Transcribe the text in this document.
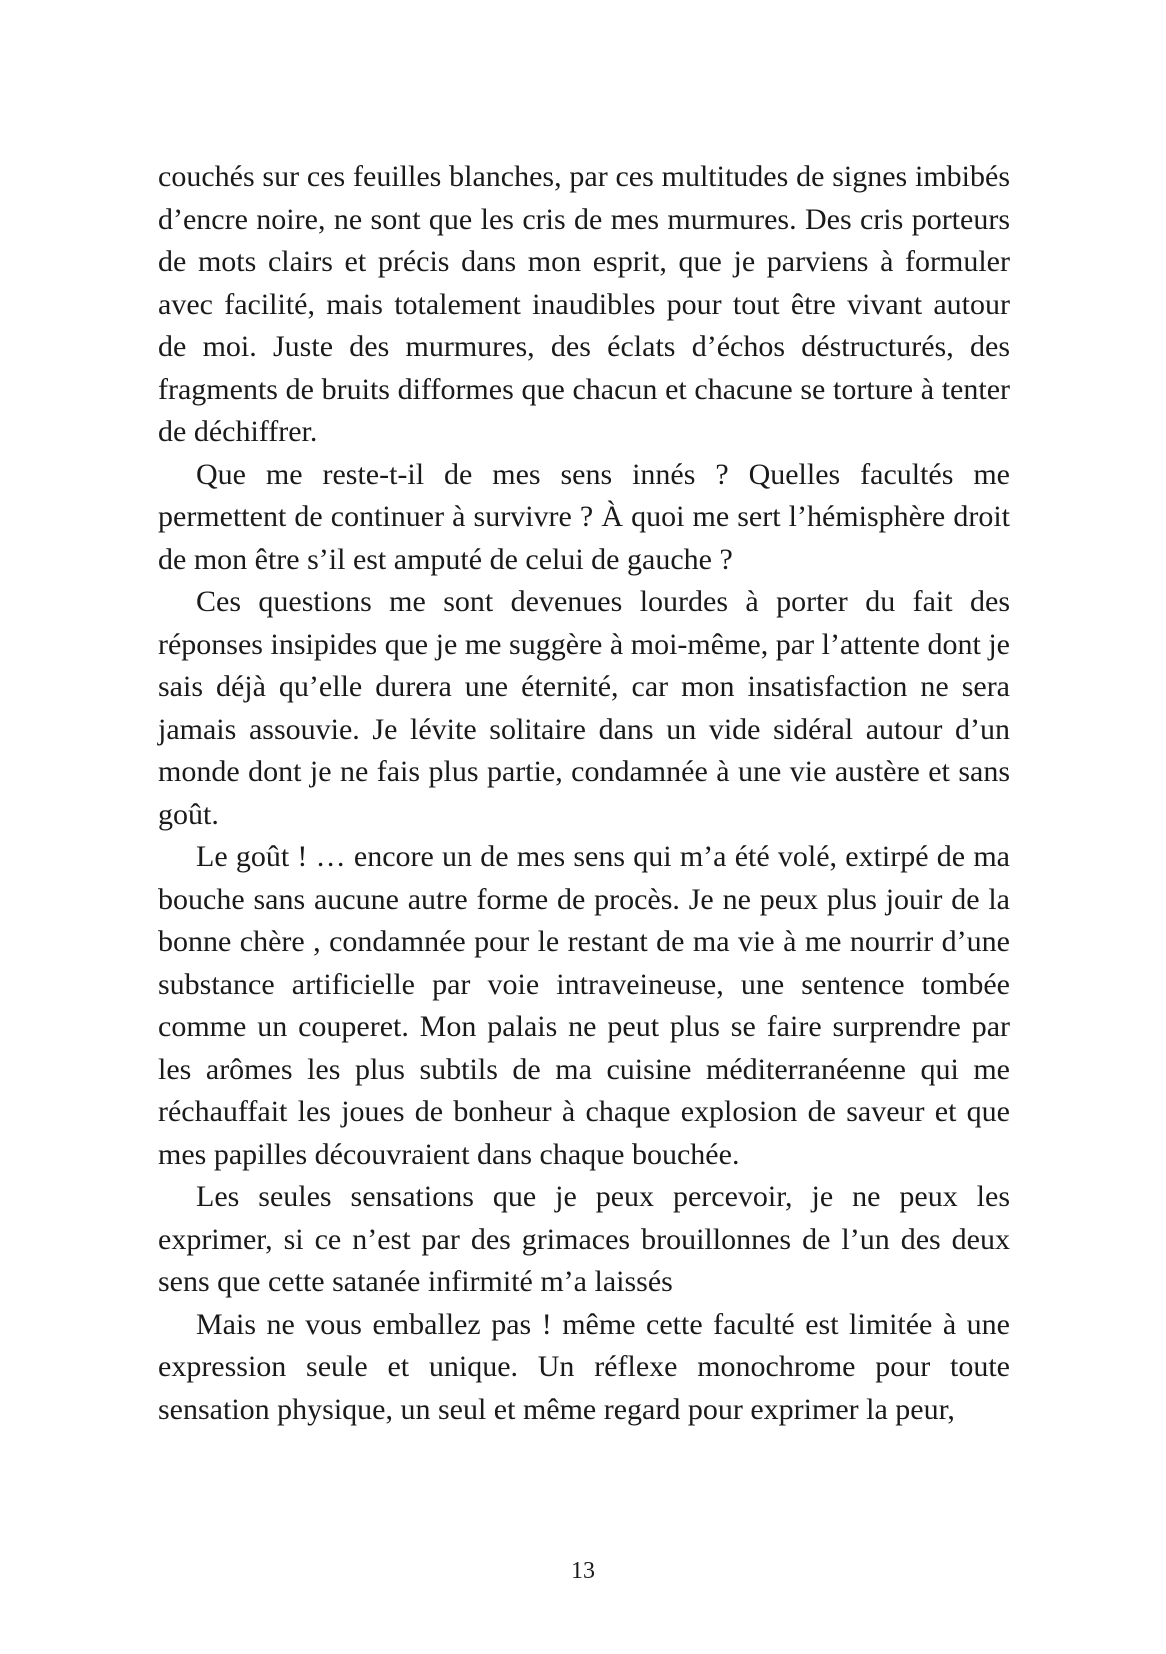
couchés sur ces feuilles blanches, par ces multitudes de signes imbibés d’encre noire, ne sont que les cris de mes murmures. Des cris porteurs de mots clairs et précis dans mon esprit, que je parviens à formuler avec facilité, mais totalement inaudibles pour tout être vivant autour de moi. Juste des murmures, des éclats d’échos déstructurés, des fragments de bruits difformes que chacun et chacune se torture à tenter de déchiffrer.

Que me reste-t-il de mes sens innés ? Quelles facultés me permettent de continuer à survivre ? À quoi me sert l’hémisphère droit de mon être s’il est amputé de celui de gauche ?

Ces questions me sont devenues lourdes à porter du fait des réponses insipides que je me suggère à moi-même, par l’attente dont je sais déjà qu’elle durera une éternité, car mon insatisfaction ne sera jamais assouvie. Je lévite solitaire dans un vide sidéral autour d’un monde dont je ne fais plus partie, condamnée à une vie austère et sans goût.

Le goût ! … encore un de mes sens qui m’a été volé, extirpé de ma bouche sans aucune autre forme de procès. Je ne peux plus jouir de la bonne chère , condamnée pour le restant de ma vie à me nourrir d’une substance artificielle par voie intraveineuse, une sentence tombée comme un couperet. Mon palais ne peut plus se faire surprendre par les arômes les plus subtils de ma cuisine méditerranéenne qui me réchauffait les joues de bonheur à chaque explosion de saveur et que mes papilles découvraient dans chaque bouchée.

Les seules sensations que je peux percevoir, je ne peux les exprimer, si ce n’est par des grimaces brouillonnes de l’un des deux sens que cette satanée infirmité m’a laissés

Mais ne vous emballez pas ! même cette faculté est limitée à une expression seule et unique. Un réflexe monochrome pour toute sensation physique, un seul et même regard pour exprimer la peur,

13
